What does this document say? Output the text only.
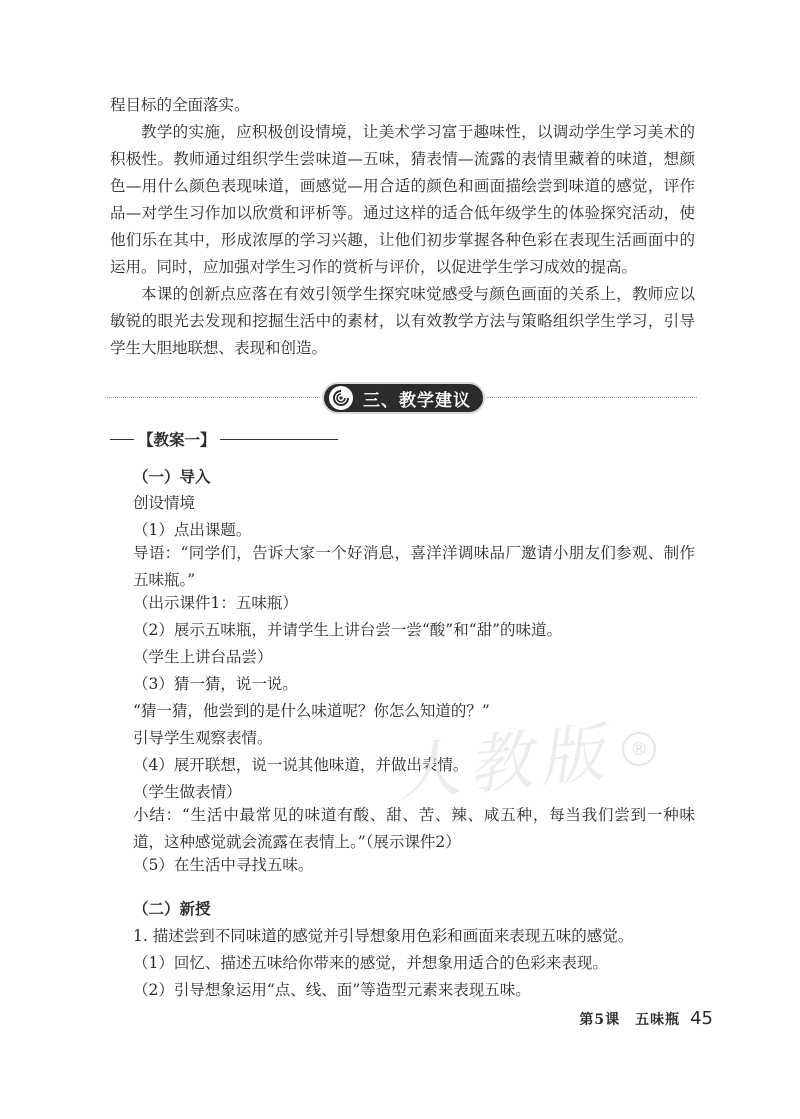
程目标的全面落实。

教学的实施，应积极创设情境，让美术学习富于趣味性，以调动学生学习美术的积极性。教师通过组织学生尝味道—五味，猜表情—流露的表情里藏着的味道，想颜色—用什么颜色表现味道，画感觉—用合适的颜色和画面描绘尝到味道的感觉，评作品—对学生习作加以欣赏和评析等。通过这样的适合低年级学生的体验探究活动，使他们乐在其中，形成浓厚的学习兴趣，让他们初步掌握各种色彩在表现生活画面中的运用。同时，应加强对学生习作的赏析与评价，以促进学生学习成效的提高。

本课的创新点应落在有效引领学生探究味觉感受与颜色画面的关系上，教师应以敏锐的眼光去发现和挖掘生活中的素材，以有效教学方法与策略组织学生学习，引导学生大胆地联想、表现和创造。

三、教学建议
【教案一】

（一）导入

创设情境

（1）点出课题。

导语：“同学们，告诉大家一个好消息，喜洋洋调味品厂邀请小朋友们参观、制作五味瓶。”

（出示课件1：五味瓶）

（2）展示五味瓶，并请学生上讲台尝一尝“酸”和“甜”的味道。

（学生上讲台品尝）

（3）猜一猜，说一说。

“猜一猜，他尝到的是什么味道呢？你怎么知道的？”

引导学生观察表情。

（4）展开联想，说一说其他味道，并做出表情。

（学生做表情）

小结：“生活中最常见的味道有酸、甜、苦、辣、咸五种，每当我们尝到一种味道，这种感觉就会流露在表情上。”（展示课件2）

（5）在生活中寻找五味。

（二）新授

1. 描述尝到不同味道的感觉并引导想象用色彩和画面来表现五味的感觉。

（1）回忆、描述五味给你带来的感觉，并想象用适合的色彩来表现。

（2）引导想象运用“点、线、面”等造型元素来表现五味。

人教版 ®
第5课　五味瓶 45
